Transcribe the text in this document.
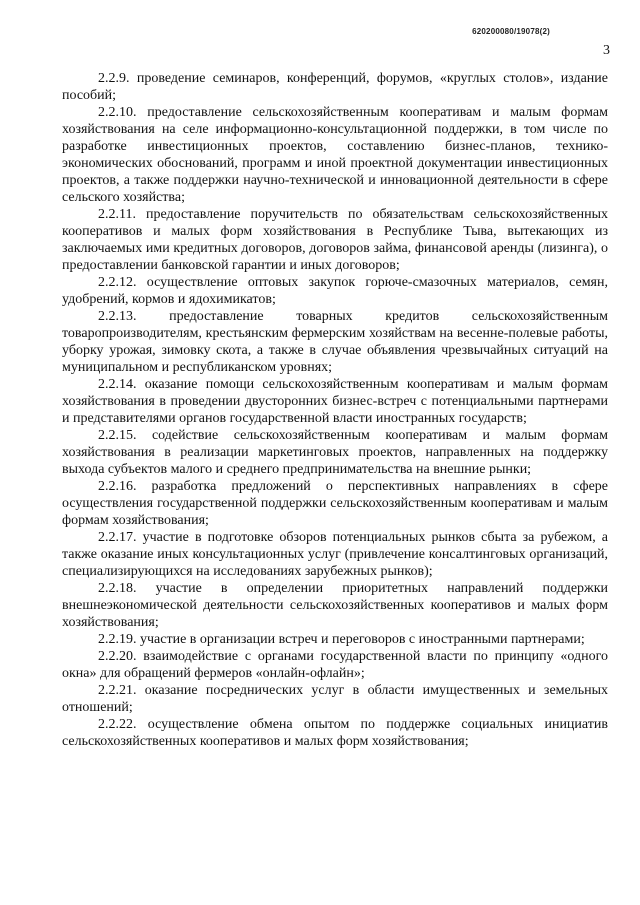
620200080/19078(2)
3

2.2.9. проведение семинаров, конференций, форумов, «круглых столов», издание пособий;

2.2.10. предоставление сельскохозяйственным кооперативам и малым формам хозяйствования на селе информационно-консультационной поддержки, в том числе по разработке инвестиционных проектов, составлению бизнес-планов, технико-экономических обоснований, программ и иной проектной документации инвестиционных проектов, а также поддержки научно-технической и инновационной деятельности в сфере сельского хозяйства;

2.2.11. предоставление поручительств по обязательствам сельскохозяйственных кооперативов и малых форм хозяйствования в Республике Тыва, вытекающих из заключаемых ими кредитных договоров, договоров займа, финансовой аренды (лизинга), о предоставлении банковской гарантии и иных договоров;

2.2.12. осуществление оптовых закупок горюче-смазочных материалов, семян, удобрений, кормов и ядохимикатов;

2.2.13. предоставление товарных кредитов сельскохозяйственным товаропроизводителям, крестьянским фермерским хозяйствам на весенне-полевые работы, уборку урожая, зимовку скота, а также в случае объявления чрезвычайных ситуаций на муниципальном и республиканском уровнях;

2.2.14. оказание помощи сельскохозяйственным кооперативам и малым формам хозяйствования в проведении двусторонних бизнес-встреч с потенциальными партнерами и представителями органов государственной власти иностранных государств;

2.2.15. содействие сельскохозяйственным кооперативам и малым формам хозяйствования в реализации маркетинговых проектов, направленных на поддержку выхода субъектов малого и среднего предпринимательства на внешние рынки;

2.2.16. разработка предложений о перспективных направлениях в сфере осуществления государственной поддержки сельскохозяйственным кооперативам и малым формам хозяйствования;

2.2.17. участие в подготовке обзоров потенциальных рынков сбыта за рубежом, а также оказание иных консультационных услуг (привлечение консалтинговых организаций, специализирующихся на исследованиях зарубежных рынков);

2.2.18. участие в определении приоритетных направлений поддержки внешнеэкономической деятельности сельскохозяйственных кооперативов и малых форм хозяйствования;

2.2.19. участие в организации встреч и переговоров с иностранными партнерами;

2.2.20. взаимодействие с органами государственной власти по принципу «одного окна» для обращений фермеров «онлайн-офлайн»;

2.2.21. оказание посреднических услуг в области имущественных и земельных отношений;

2.2.22. осуществление обмена опытом по поддержке социальных инициатив сельскохозяйственных кооперативов и малых форм хозяйствования;
